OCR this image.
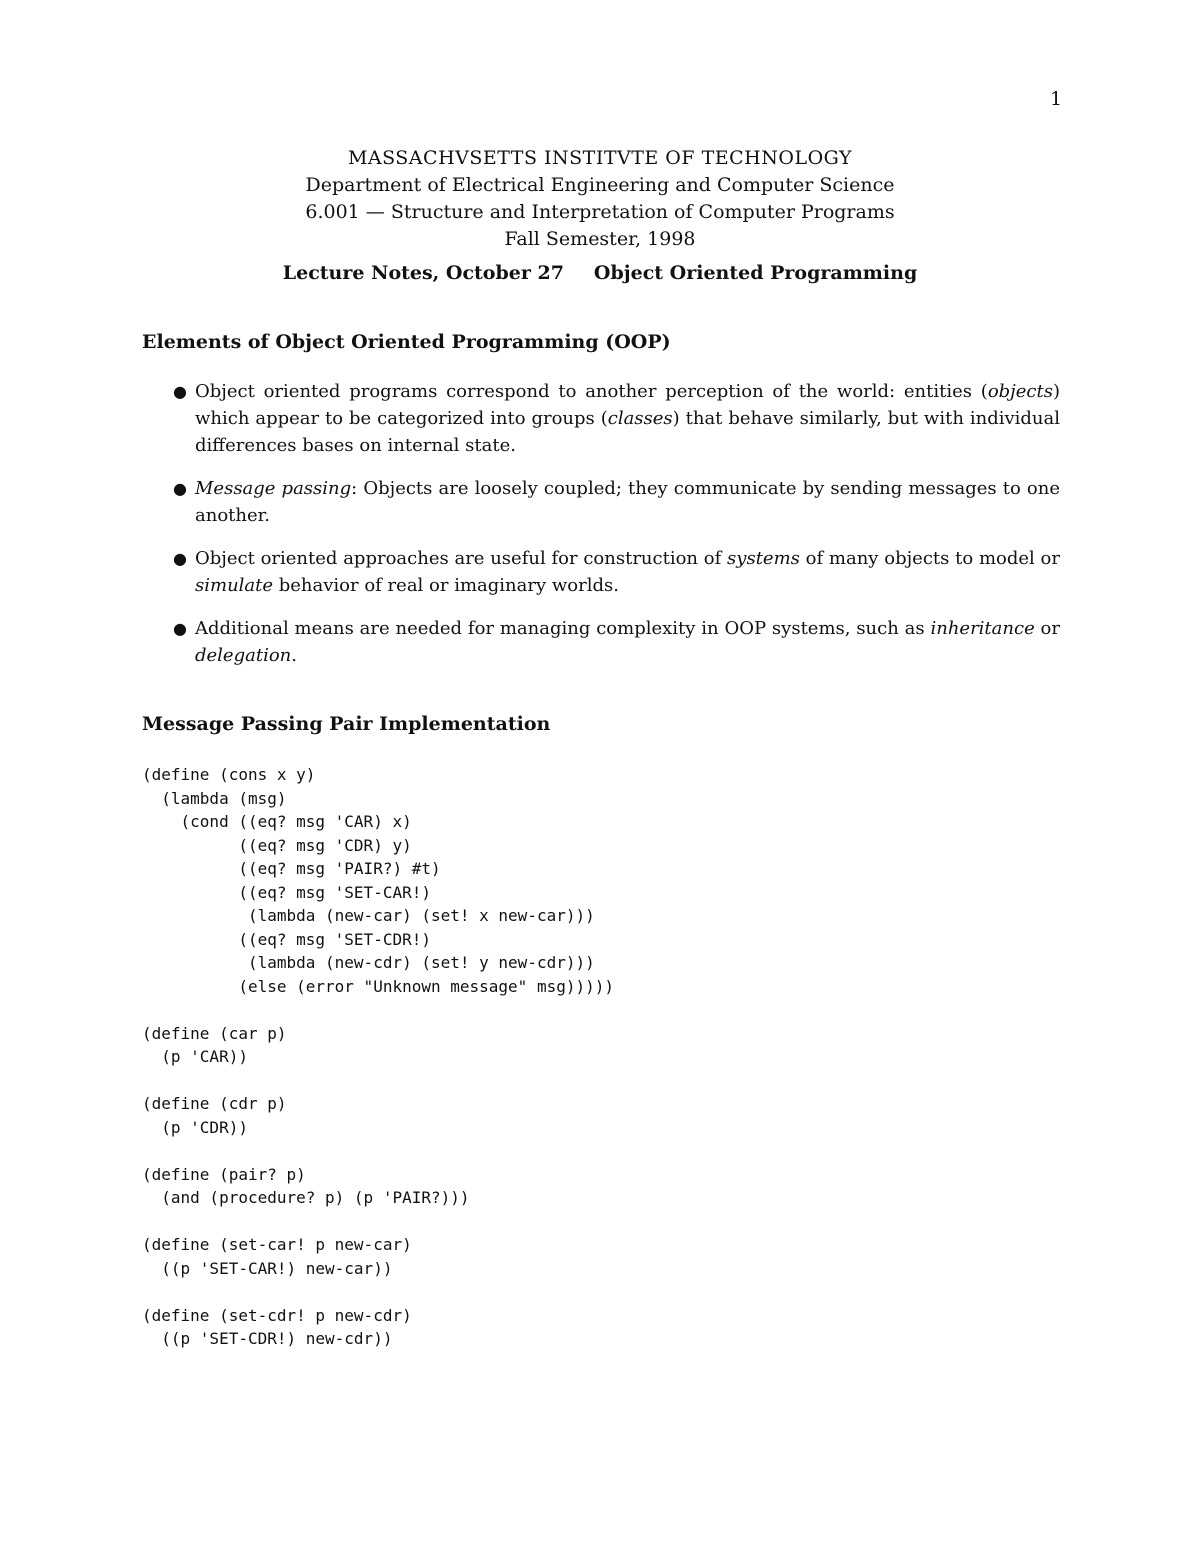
1
MASSACHVSETTS INSTITVTE OF TECHNOLOGY
Department of Electrical Engineering and Computer Science
6.001 — Structure and Interpretation of Computer Programs
Fall Semester, 1998
Lecture Notes, October 27 Object Oriented Programming
Elements of Object Oriented Programming (OOP)
● Object oriented programs correspond to another perception of the world: entities (objects) which appear to be categorized into groups (classes) that behave similarly, but with individual differences bases on internal state.
● Message passing: Objects are loosely coupled; they communicate by sending messages to one another.
● Object oriented approaches are useful for construction of systems of many objects to model or simulate behavior of real or imaginary worlds.
● Additional means are needed for managing complexity in OOP systems, such as inheritance or delegation.
Message Passing Pair Implementation
(define (cons x y)
(lambda (msg)
(cond ((eq? msg 'CAR) x)
((eq? msg 'CDR) y)
((eq? msg 'PAIR?) #t)
((eq? msg 'SET-CAR!)
(lambda (new-car) (set! x new-car)))
((eq? msg 'SET-CDR!)
(lambda (new-cdr) (set! y new-cdr)))
(else (error "Unknown message" msg)))))

(define (car p)
(p 'CAR))

(define (cdr p)
(p 'CDR))

(define (pair? p)
(and (procedure? p) (p 'PAIR?)))

(define (set-car! p new-car)
((p 'SET-CAR!) new-car))

(define (set-cdr! p new-cdr)
((p 'SET-CDR!) new-cdr))
